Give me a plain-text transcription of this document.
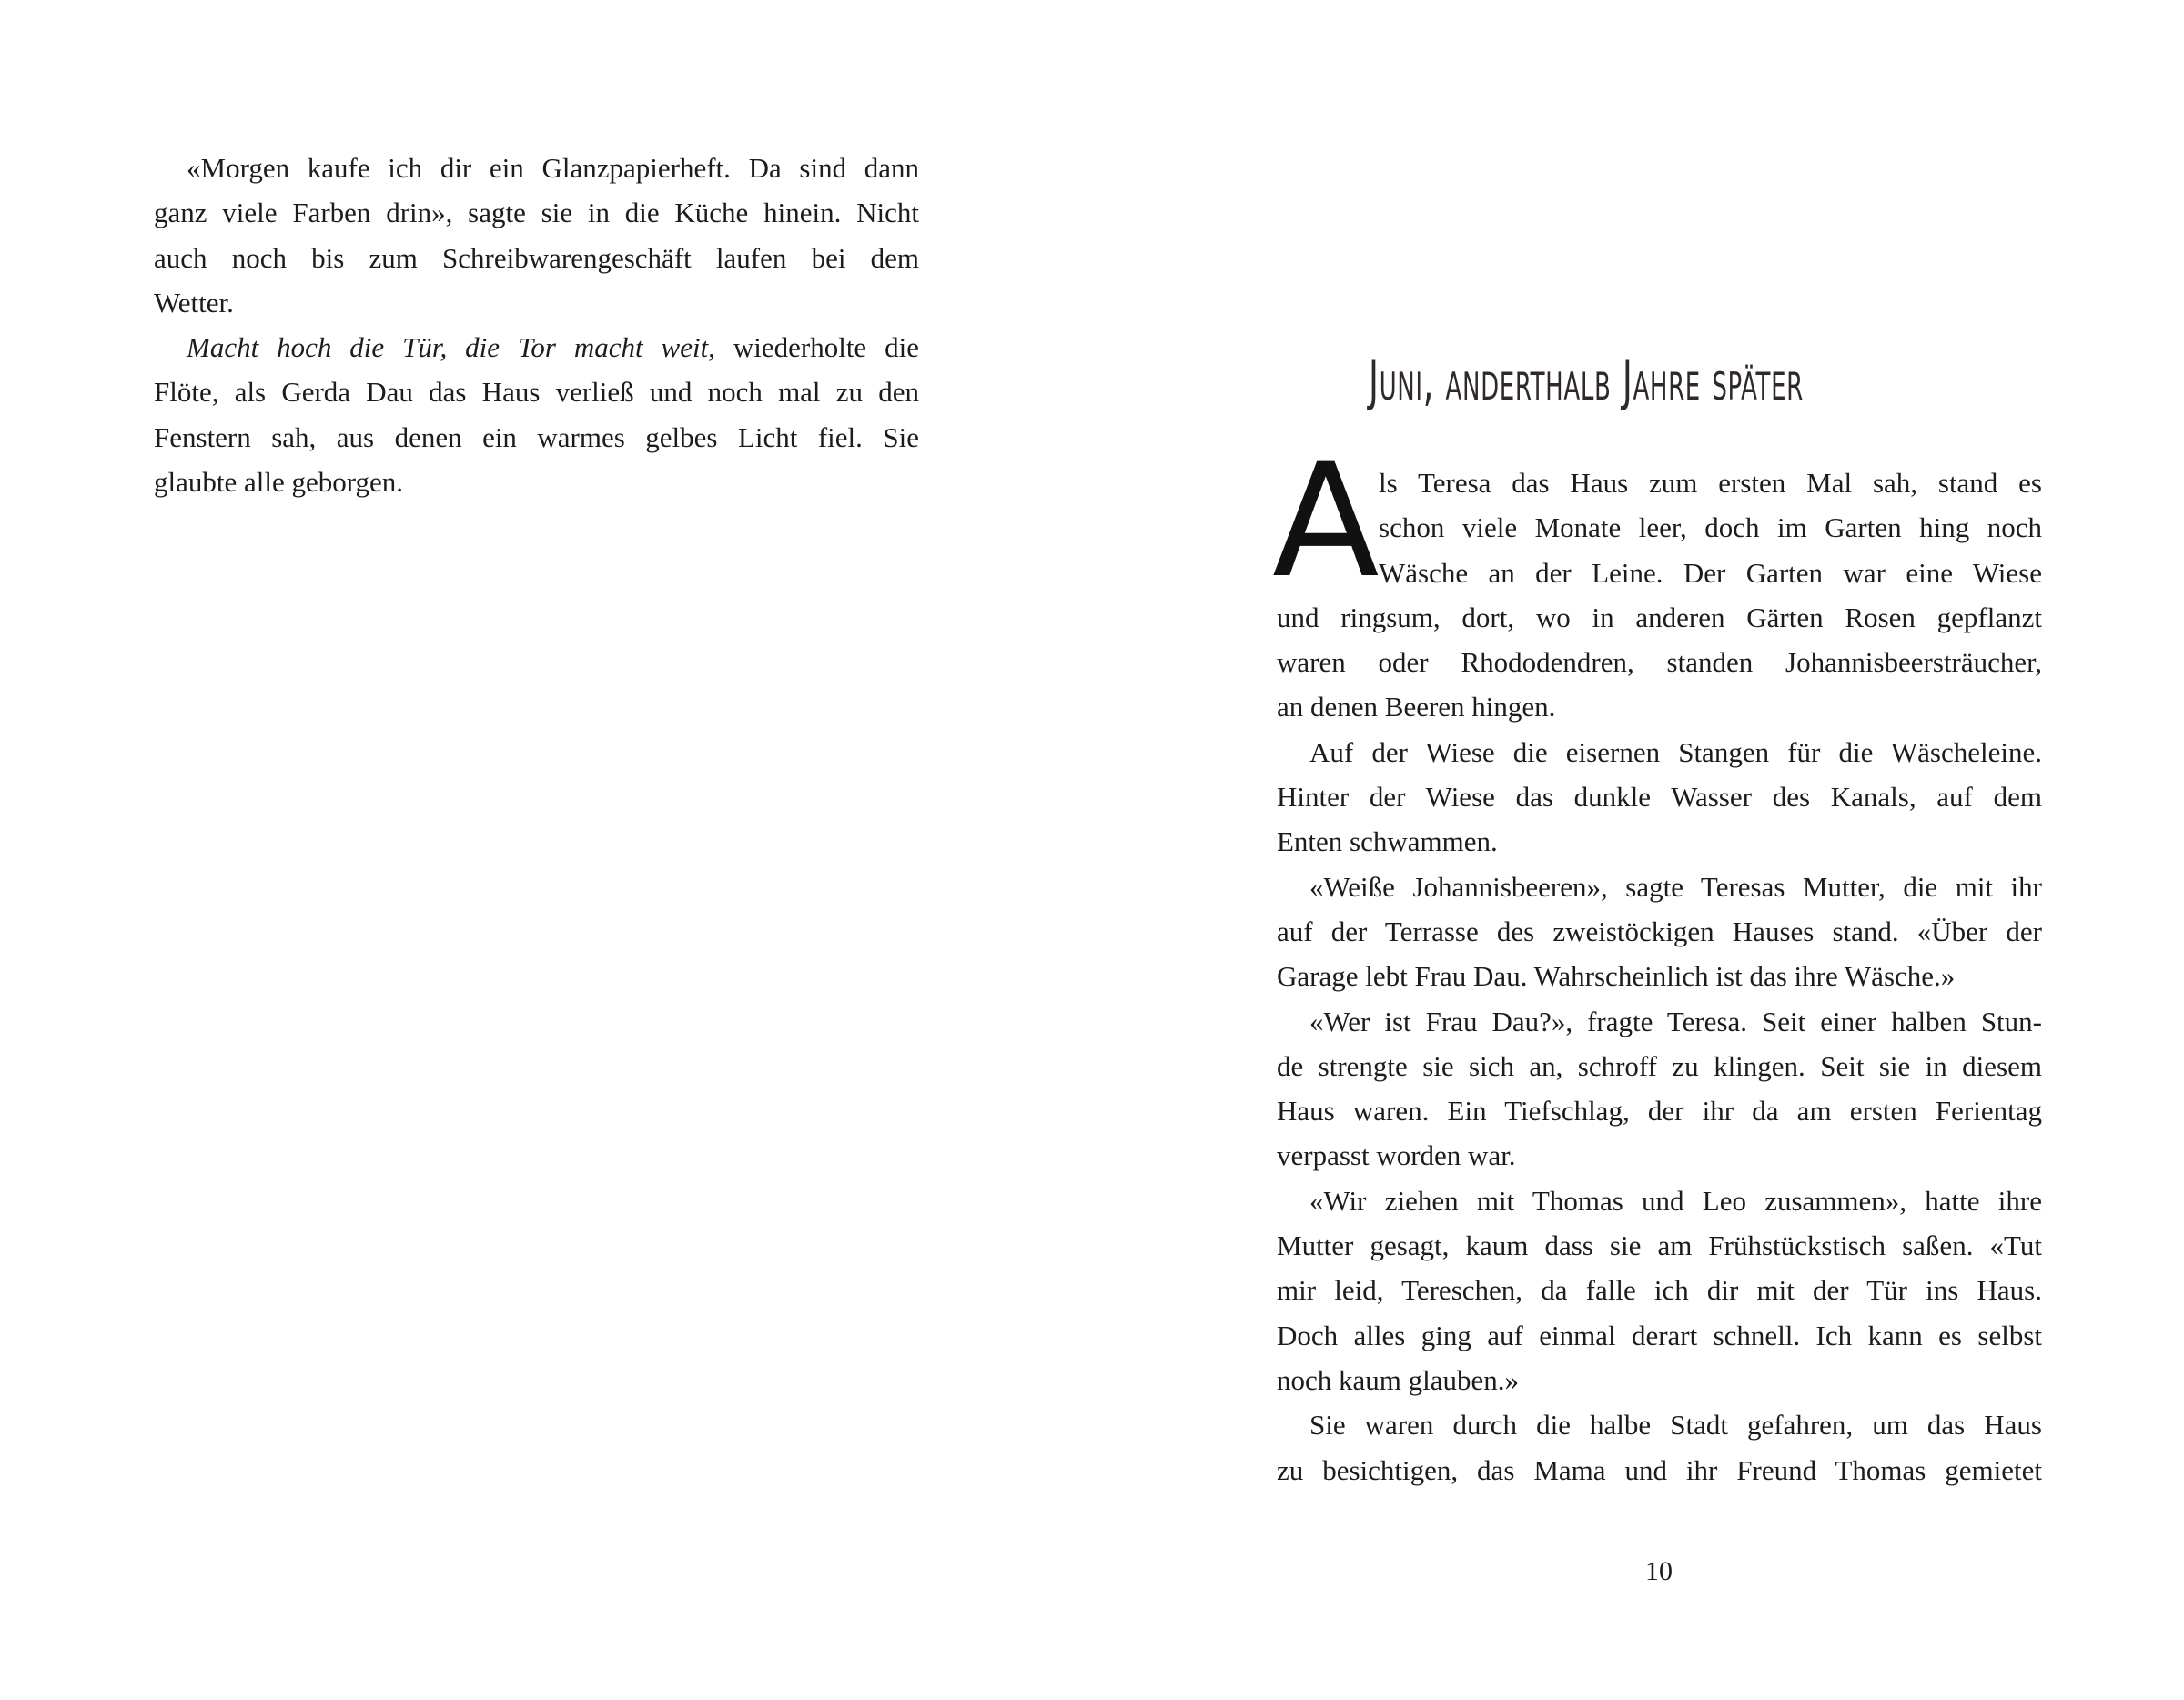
«Morgen kaufe ich dir ein Glanzpapierheft. Da sind dann
ganz viele Farben drin», sagte sie in die Küche hinein. Nicht
auch noch bis zum Schreibwarengeschäft laufen bei dem
Wetter.
Macht hoch die Tür, die Tor macht weit, wiederholte die
Flöte, als Gerda Dau das Haus verließ und noch mal zu den
Fenstern sah, aus denen ein warmes gelbes Licht fiel. Sie
glaubte alle geborgen.
Juni, anderthalb Jahre später
A ls Teresa das Haus zum ersten Mal sah, stand es
schon viele Monate leer, doch im Garten hing noch
Wäsche an der Leine. Der Garten war eine Wiese
und ringsum, dort, wo in anderen Gärten Rosen gepflanzt
waren oder Rhododendren, standen Johannisbeersträucher,
an denen Beeren hingen.
Auf der Wiese die eisernen Stangen für die Wäscheleine.
Hinter der Wiese das dunkle Wasser des Kanals, auf dem
Enten schwammen.
«Weiße Johannisbeeren», sagte Teresas Mutter, die mit ihr
auf der Terrasse des zweistöckigen Hauses stand. «Über der
Garage lebt Frau Dau. Wahrscheinlich ist das ihre Wäsche.»
«Wer ist Frau Dau?», fragte Teresa. Seit einer halben Stun-
de strengte sie sich an, schroff zu klingen. Seit sie in diesem
Haus waren. Ein Tiefschlag, der ihr da am ersten Ferientag
verpasst worden war.
«Wir ziehen mit Thomas und Leo zusammen», hatte ihre
Mutter gesagt, kaum dass sie am Frühstückstisch saßen. «Tut
mir leid, Tereschen, da falle ich dir mit der Tür ins Haus.
Doch alles ging auf einmal derart schnell. Ich kann es selbst
noch kaum glauben.»
Sie waren durch die halbe Stadt gefahren, um das Haus
zu besichtigen, das Mama und ihr Freund Thomas gemietet
10
